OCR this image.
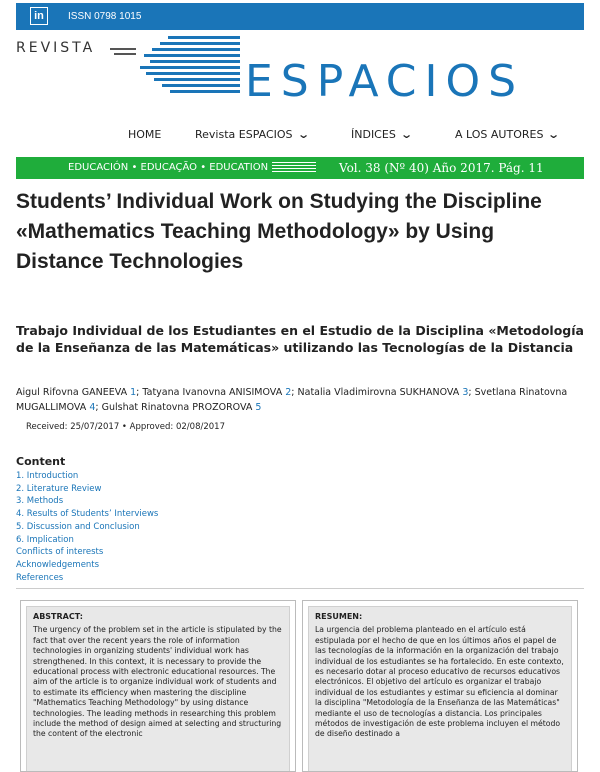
in	ISSN 0798 1015
REVISTA
ESPACIOS
HOME	Revista ESPACIOS ⌄	ÍNDICES ⌄	A LOS AUTORES ⌄
EDUCACIÓN • EDUCAÇÃO • EDUCATION	Vol. 38 (Nº 40) Año 2017. Pág. 11
Students’ Individual Work on Studying the Discipline «Mathematics Teaching Methodology» by Using Distance Technologies
Trabajo Individual de los Estudiantes en el Estudio de la Disciplina «Metodología de la Enseñanza de las Matemáticas» utilizando las Tecnologías de la Distancia
Aigul Rifovna GANEEVA 1; Tatyana Ivanovna ANISIMOVA 2; Natalia Vladimirovna SUKHANOVA 3; Svetlana Rinatovna MUGALLIMOVA 4; Gulshat Rinatovna PROZOROVA 5
Received: 25/07/2017 • Approved: 02/08/2017
Content
1. Introduction
2. Literature Review
3. Methods
4. Results of Students’ Interviews
5. Discussion and Conclusion
6. Implication
Conflicts of interests
Acknowledgements
References
ABSTRACT:
The urgency of the problem set in the article is stipulated by the fact that over the recent years the role of information technologies in organizing students' individual work has strengthened. In this context, it is necessary to provide the educational process with electronic educational resources. The aim of the article is to organize individual work of students and to estimate its efficiency when mastering the discipline "Mathematics Teaching Methodology" by using distance technologies. The leading methods in researching this problem include the method of design aimed at selecting and structuring the content of the electronic
RESUMEN:
La urgencia del problema planteado en el artículo está estipulada por el hecho de que en los últimos años el papel de las tecnologías de la información en la organización del trabajo individual de los estudiantes se ha fortalecido. En este contexto, es necesario dotar al proceso educativo de recursos educativos electrónicos. El objetivo del artículo es organizar el trabajo individual de los estudiantes y estimar su eficiencia al dominar la disciplina "Metodología de la Enseñanza de las Matemáticas" mediante el uso de tecnologías a distancia. Los principales métodos de investigación de este problema incluyen el método de diseño destinado a
